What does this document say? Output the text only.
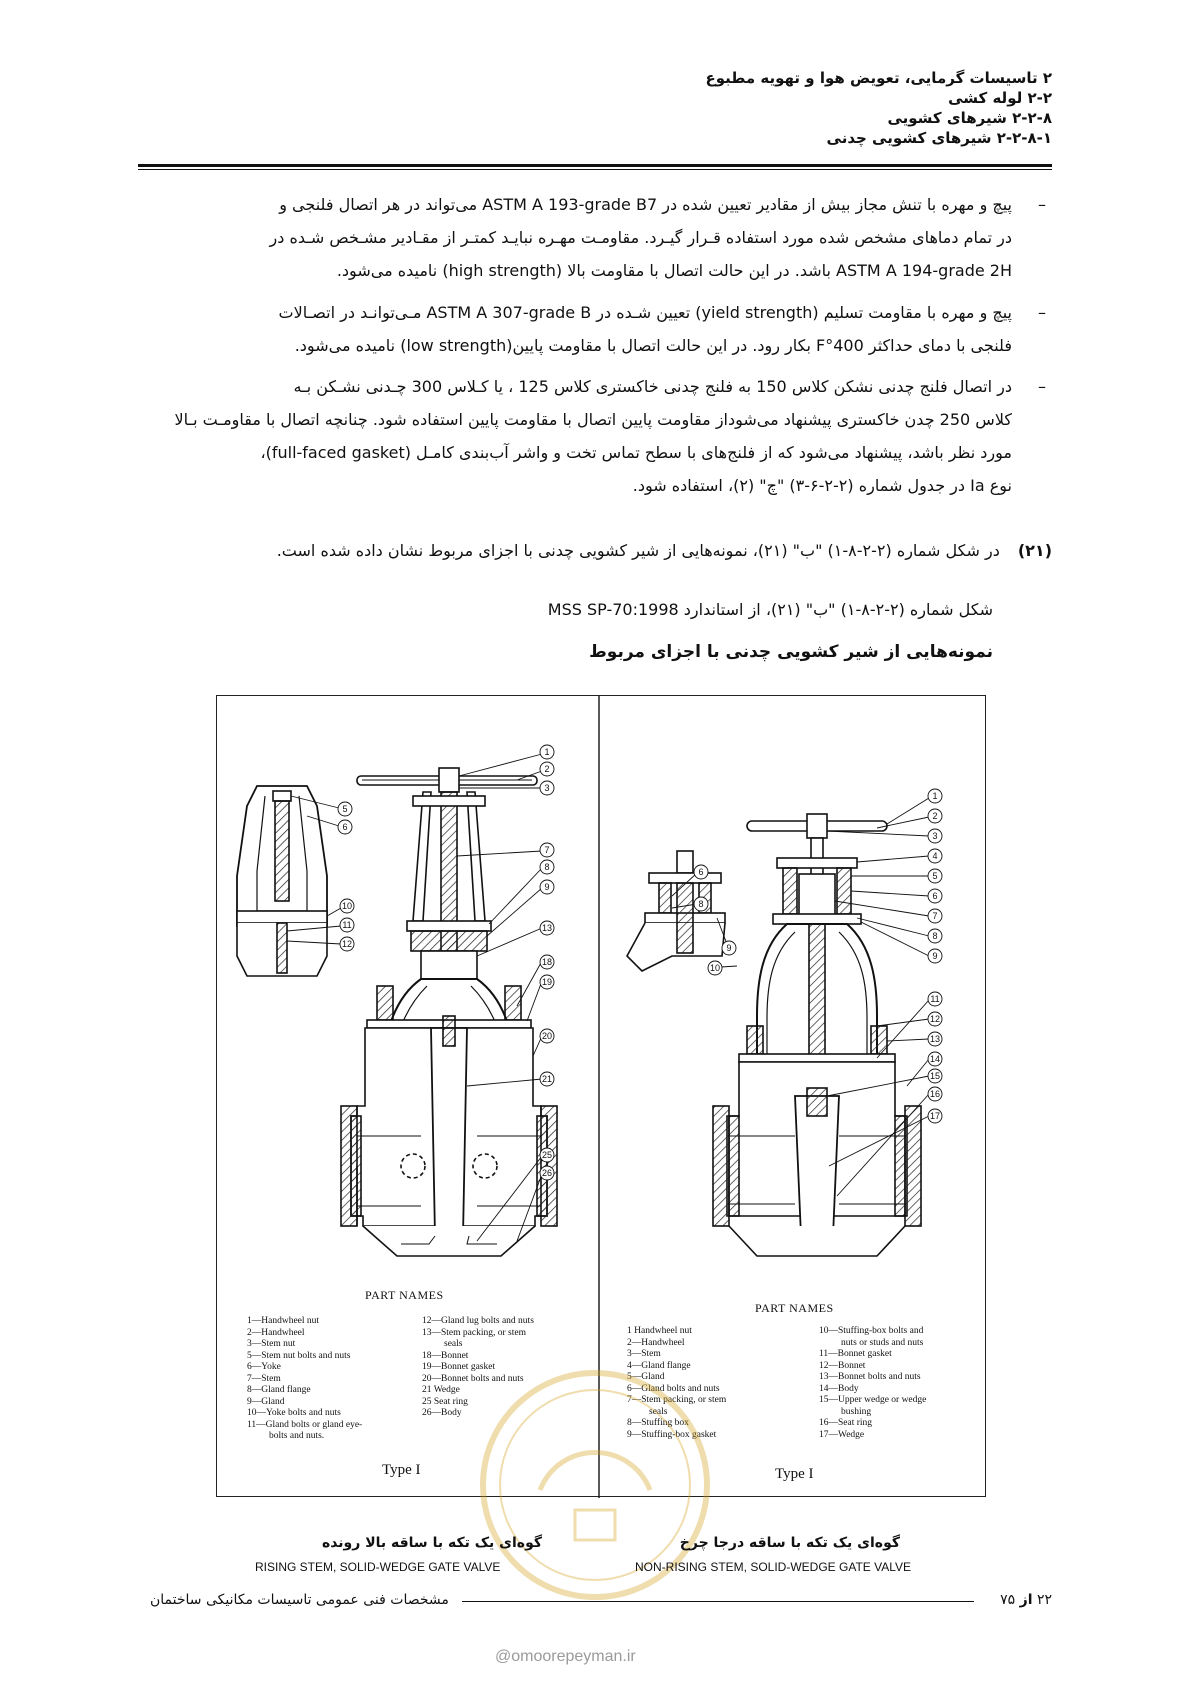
۲ تاسیسات گرمایی، تعویض هوا و تهویه مطبوع
۲-۲ لوله کشی
۲-۲-۸ شیرهای کشویی
۲-۲-۸-۱ شیرهای کشویی چدنی
–
پیچ و مهره با تنش مجاز بیش از مقادیر تعیین شده در ASTM A 193-grade B7 می‌تواند در هر اتصال فلنجی و
در تمام دماهای مشخص شده مورد استفاده قـرار گیـرد. مقاومـت مهـره نبایـد کمتـر از مقـادیر مشـخص شـده در
ASTM A 194-grade 2H باشد. در این حالت اتصال با مقاومت بالا (high strength) نامیده می‌شود.
–
پیچ و مهره با مقاومت تسلیم (yield strength) تعیین شـده در ASTM A 307-grade B مـی‌توانـد در اتصـالات
فلنجی با دمای حداکثر 400°F بکار رود. در این حالت اتصال با مقاومت پایین(low strength) نامیده می‌شود.
–
در اتصال فلنج چدنی نشکن کلاس 150 به فلنج چدنی خاکستری کلاس 125 ، یا کـلاس 300 چـدنی نشـکن بـه
کلاس 250 چدن خاکستری پیشنهاد می‌شوداز مقاومت پایین اتصال با مقاومت پایین استفاده شود. چنانچه اتصال با مقاومـت بـالا
مورد نظر باشد، پیشنهاد می‌شود که از فلنج‌های با سطح تماس تخت و واشر آب‌بندی کامـل (full-faced gasket)،
نوع Ia در جدول شماره (۲-۲-۶-۳) "چ" (۲)، استفاده شود.
(۲۱)در شکل شماره (۲-۲-۸-۱) "ب" (۲۱)، نمونه‌هایی از شیر کشویی چدنی با اجزای مربوط نشان داده شده است.
شکل شماره (۲-۲-۸-۱) "ب" (۲۱)، از استاندارد MSS SP-70:1998
نمونه‌هایی از شیر کشویی چدنی با اجزای مربوط
1
2
3
5
6
7
8
9
10
11
12
13
18
19
20
21
25
26
1
2
3
4
5
6
7
8
9
6
8
9
10
11
12
13
14
15
16
17
PART NAMES
1—Handwheel nut
2—Handwheel
3—Stem nut
5—Stem nut bolts and nuts
6—Yoke
7—Stem
8—Gland flange
9—Gland
10—Yoke bolts and nuts
11—Gland bolts or gland eye-
bolts and nuts.
12—Gland lug bolts and nuts
13—Stem packing, or stem
seals
18—Bonnet
19—Bonnet gasket
20—Bonnet bolts and nuts
21 Wedge
25 Seat ring
26—Body
Type I
PART NAMES
1 Handwheel nut
2—Handwheel
3—Stem
4—Gland flange
5—Gland
6—Gland bolts and nuts
7—Stem packing, or stem
seals
8—Stuffing box
9—Stuffing-box gasket
10—Stuffing-box bolts and
nuts or studs and nuts
11—Bonnet gasket
12—Bonnet
13—Bonnet bolts and nuts
14—Body
15—Upper wedge or wedge
bushing
16—Seat ring
17—Wedge
Type I
گوه‌ای یک تکه با ساقه بالا رونده
RISING STEM, SOLID-WEDGE GATE VALVE
گوه‌ای یک تکه با ساقه درجا چرخ
NON-RISING STEM, SOLID-WEDGE GATE VALVE
مشخصات فنی عمومی تاسیسات مکانیکی ساختمان	۲۲ از ۷۵
@omoorepeyman.ir
